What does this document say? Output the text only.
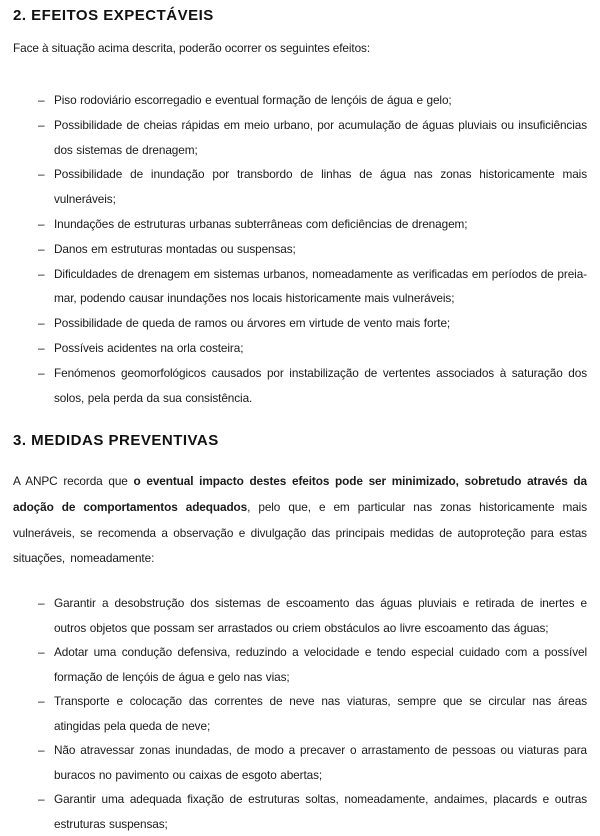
2. EFEITOS EXPECTÁVEIS

Face à situação acima descrita, poderão ocorrer os seguintes efeitos:

– Piso rodoviário escorregadio e eventual formação de lençóis de água e gelo;
– Possibilidade de cheias rápidas em meio urbano, por acumulação de águas pluviais ou insuficiências dos sistemas de drenagem;
– Possibilidade de inundação por transbordo de linhas de água nas zonas historicamente mais vulneráveis;
– Inundações de estruturas urbanas subterrâneas com deficiências de drenagem;
– Danos em estruturas montadas ou suspensas;
– Dificuldades de drenagem em sistemas urbanos, nomeadamente as verificadas em períodos de preia-mar, podendo causar inundações nos locais historicamente mais vulneráveis;
– Possibilidade de queda de ramos ou árvores em virtude de vento mais forte;
– Possíveis acidentes na orla costeira;
– Fenómenos geomorfológicos causados por instabilização de vertentes associados à saturação dos solos, pela perda da sua consistência.
3. MEDIDAS PREVENTIVAS

A ANPC recorda que o eventual impacto destes efeitos pode ser minimizado, sobretudo através da adoção de comportamentos adequados, pelo que, e em particular nas zonas historicamente mais vulneráveis, se recomenda a observação e divulgação das principais medidas de autoproteção para estas situações, nomeadamente:

– Garantir a desobstrução dos sistemas de escoamento das águas pluviais e retirada de inertes e outros objetos que possam ser arrastados ou criem obstáculos ao livre escoamento das águas;
– Adotar uma condução defensiva, reduzindo a velocidade e tendo especial cuidado com a possível formação de lençóis de água e gelo nas vias;
– Transporte e colocação das correntes de neve nas viaturas, sempre que se circular nas áreas atingidas pela queda de neve;
– Não atravessar zonas inundadas, de modo a precaver o arrastamento de pessoas ou viaturas para buracos no pavimento ou caixas de esgoto abertas;
– Garantir uma adequada fixação de estruturas soltas, nomeadamente, andaimes, placards e outras estruturas suspensas;
